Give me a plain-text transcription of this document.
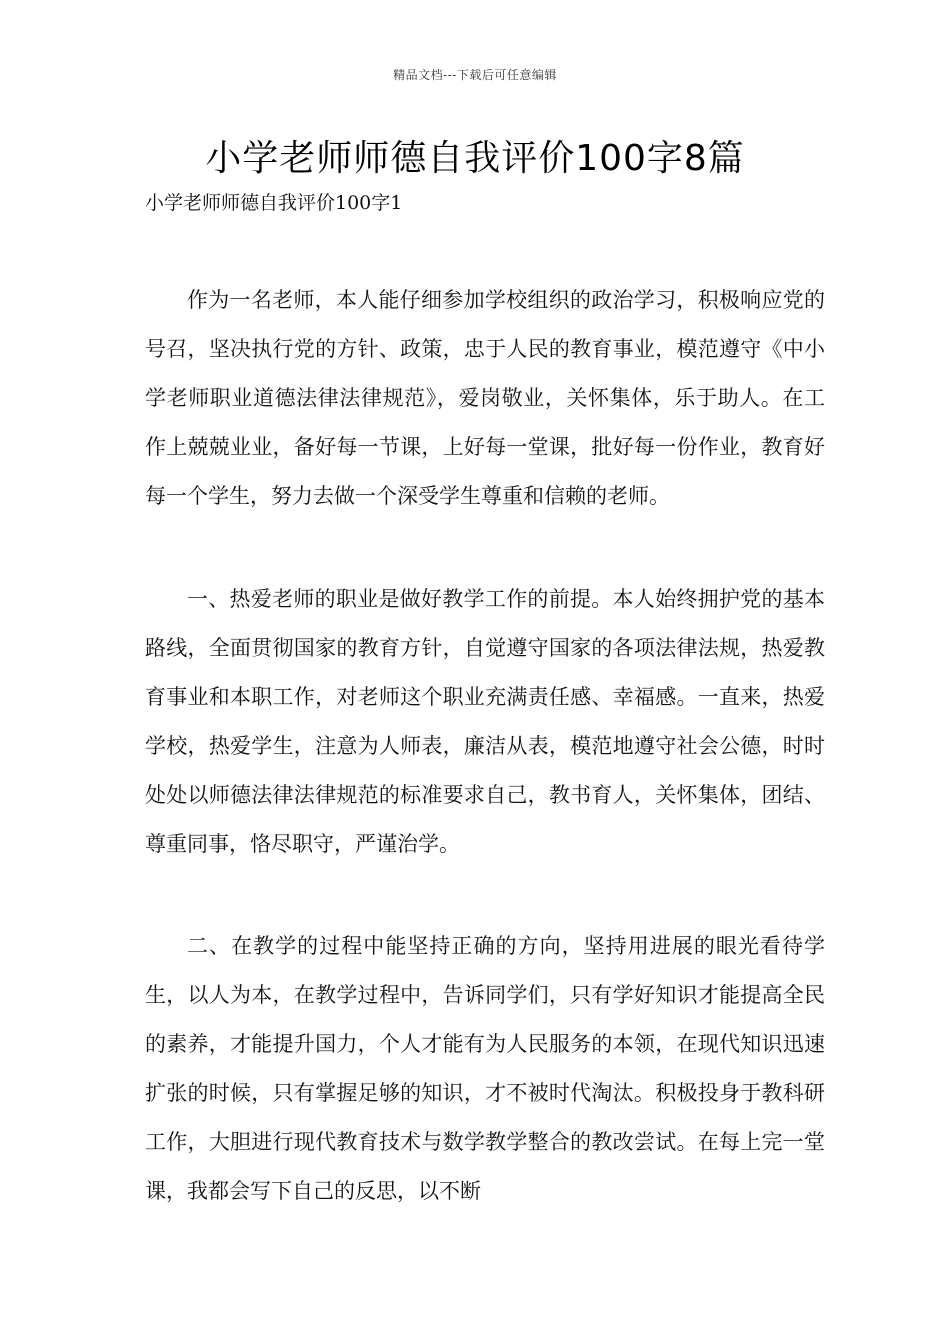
精品文档---下载后可任意编辑
小学老师师德自我评价100字8篇
小学老师师德自我评价100字1

作为一名老师，本人能仔细参加学校组织的政治学习，积极响应党的号召，坚决执行党的方针、政策，忠于人民的教育事业，模范遵守《中小学老师职业道德法律法律规范》，爱岗敬业，关怀集体，乐于助人。在工作上兢兢业业，备好每一节课，上好每一堂课，批好每一份作业，教育好每一个学生，努力去做一个深受学生尊重和信赖的老师。

一、热爱老师的职业是做好教学工作的前提。本人始终拥护党的基本路线，全面贯彻国家的教育方针，自觉遵守国家的各项法律法规，热爱教育事业和本职工作，对老师这个职业充满责任感、幸福感。一直来，热爱学校，热爱学生，注意为人师表，廉洁从表，模范地遵守社会公德，时时处处以师德法律法律规范的标准要求自己，教书育人，关怀集体，团结、尊重同事，恪尽职守，严谨治学。

二、在教学的过程中能坚持正确的方向，坚持用进展的眼光看待学生，以人为本，在教学过程中，告诉同学们，只有学好知识才能提高全民的素养，才能提升国力，个人才能有为人民服务的本领，在现代知识迅速扩张的时候，只有掌握足够的知识，才不被时代淘汰。积极投身于教科研工作，大胆进行现代教育技术与数学教学整合的教改尝试。在每上完一堂课，我都会写下自己的反思，以不断
